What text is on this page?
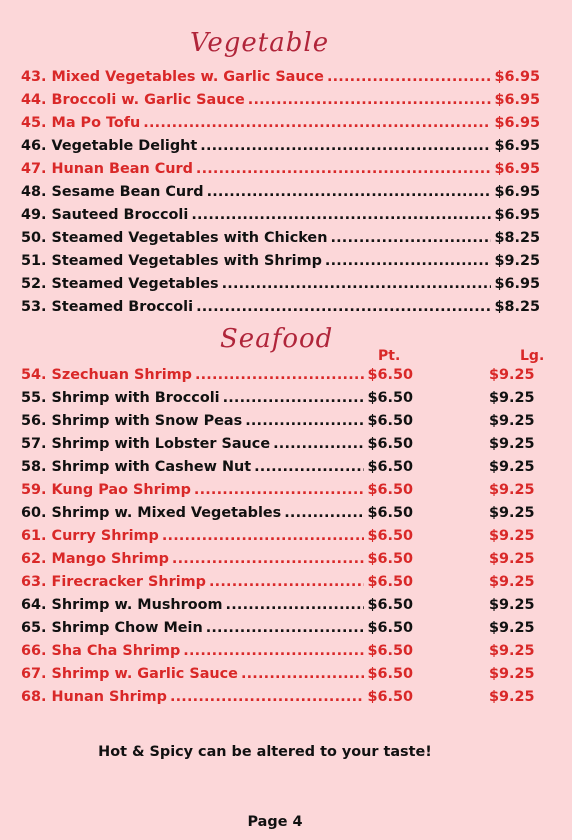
Vegetable
43. Mixed Vegetables w. Garlic Sauce . . .	$6.95
44. Broccoli w. Garlic Sauce . . .	$6.95
45. Ma Po Tofu . . .	$6.95
46. Vegetable Delight . . .	$6.95
47. Hunan Bean Curd . . .	$6.95
48. Sesame Bean Curd . . .	$6.95
49. Sauteed Broccoli . . .	$6.95
50. Steamed Vegetables with Chicken . . .	$8.25
51. Steamed Vegetables with Shrimp . . .	$9.25
52. Steamed Vegetables . . .	$6.95
53. Steamed Broccoli . . .	$8.25
Seafood
Pt.	Lg.
54. Szechuan Shrimp . . .	$6.50	$9.25
55. Shrimp with Broccoli . . .	$6.50	$9.25
56. Shrimp with Snow Peas . . .	$6.50	$9.25
57. Shrimp with Lobster Sauce . . .	$6.50	$9.25
58. Shrimp with Cashew Nut . . .	$6.50	$9.25
59. Kung Pao Shrimp . . .	$6.50	$9.25
60. Shrimp w. Mixed Vegetables . . .	$6.50	$9.25
61. Curry Shrimp . . .	$6.50	$9.25
62. Mango Shrimp . . .	$6.50	$9.25
63. Firecracker Shrimp . . .	$6.50	$9.25
64. Shrimp w. Mushroom . . .	$6.50	$9.25
65. Shrimp Chow Mein . . .	$6.50	$9.25
66. Sha Cha Shrimp . . .	$6.50	$9.25
67. Shrimp w. Garlic Sauce . . .	$6.50	$9.25
68. Hunan Shrimp . . .	$6.50	$9.25
Hot & Spicy can be altered to your taste!
Page 4
